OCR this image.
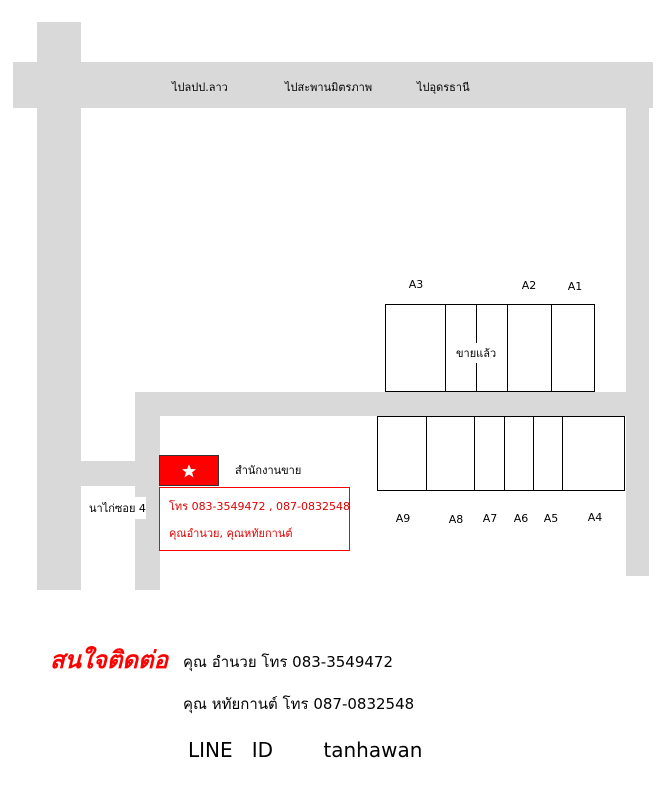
ไปลปป.ลาว	ไปสะพานมิตรภาพ	ไปอุดรธานี
นาไก่ซอย 4
ขายแล้ว
A3	A2	A1
A9	A8	A7	A6	A5	A4
สำนักงานขาย
โทร 083-3549472 , 087-0832548
คุณอำนวย, คุณหทัยกานต์
สนใจติดต่อ คุณ อำนวย โทร 083-3549472
คุณ หทัยกานต์ โทร 087-0832548
LINE   ID	tanhawan
